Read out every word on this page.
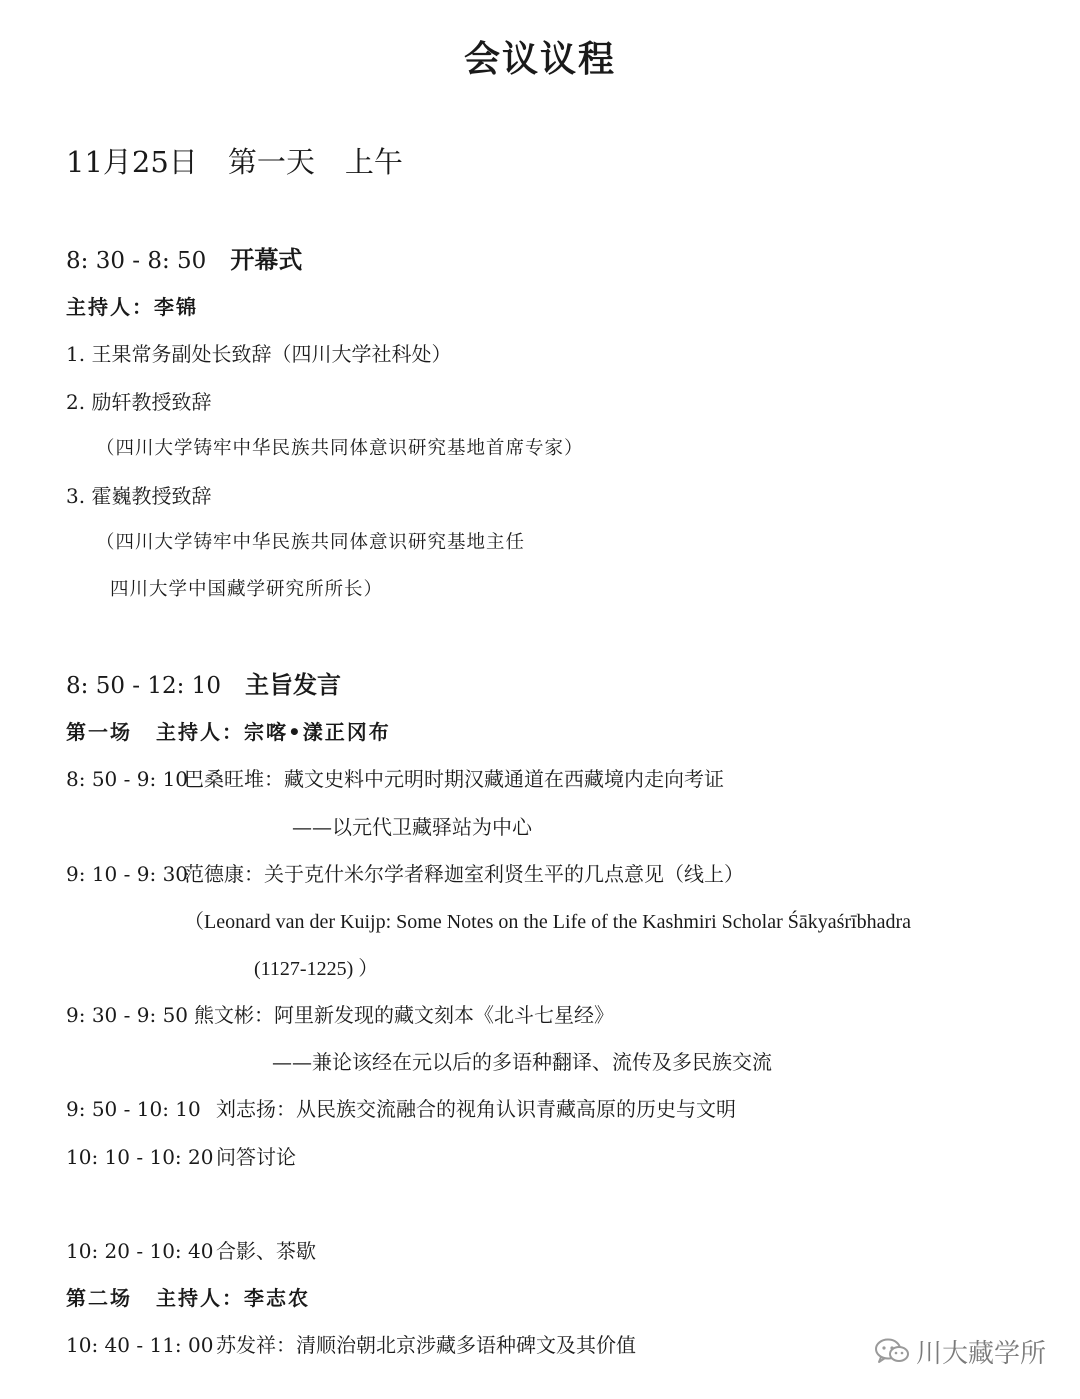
会议议程
11月25日 第一天 上午
8: 30 - 8: 50 开幕式
主持人：李锦
1. 王果常务副处长致辞（四川大学社科处）
2. 励轩教授致辞
（四川大学铸牢中华民族共同体意识研究基地首席专家）
3. 霍巍教授致辞
（四川大学铸牢中华民族共同体意识研究基地主任
四川大学中国藏学研究所所长）
8: 50 - 12: 10 主旨发言
第一场 主持人：宗喀•漾正冈布
8: 50 - 9: 10巴桑旺堆：藏文史料中元明时期汉藏通道在西藏境内走向考证
——以元代卫藏驿站为中心
9: 10 - 9: 30范德康：关于克什米尔学者释迦室利贤生平的几点意见（线上）
（Leonard van der Kuijp: Some Notes on the Life of the Kashmiri Scholar Śākyaśrībhadra
(1127-1225) ）
9: 30 - 9: 50 熊文彬：阿里新发现的藏文刻本《北斗七星经》
——兼论该经在元以后的多语种翻译、流传及多民族交流
9: 50 - 10: 10 刘志扬：从民族交流融合的视角认识青藏高原的历史与文明
10: 10 - 10: 20 问答讨论
10: 20 - 10: 40 合影、茶歇
第二场 主持人：李志农
10: 40 - 11: 00 苏发祥：清顺治朝北京涉藏多语种碑文及其价值	川大藏学所
